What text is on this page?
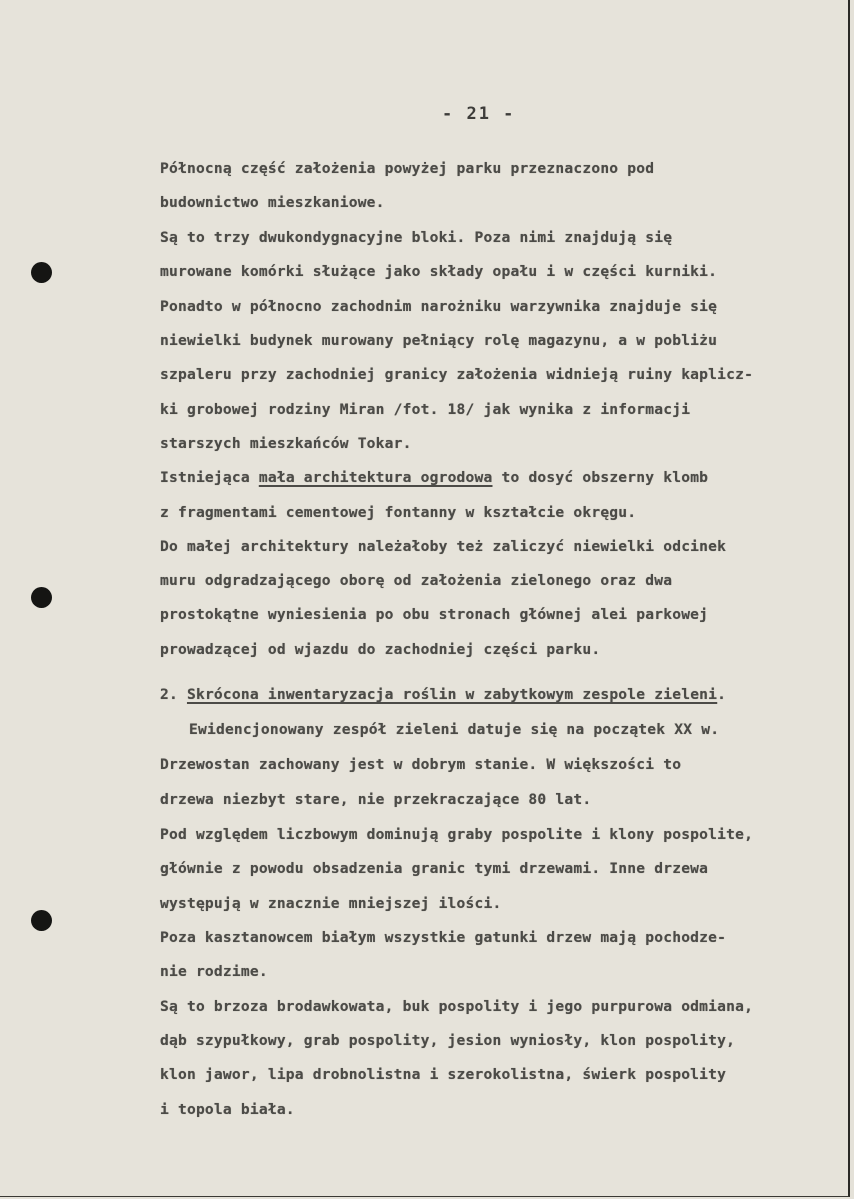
- 21 -
Północną część założenia powyżej parku przeznaczono pod
budownictwo mieszkaniowe.
Są to trzy dwukondygnacyjne bloki. Poza nimi znajdują się
murowane komórki służące jako składy opału i w części kurniki.
Ponadto w północno zachodnim narożniku warzywnika znajduje się
niewielki budynek murowany pełniący rolę magazynu, a w pobliżu
szpaleru przy zachodniej granicy założenia widnieją ruiny kaplicz-
ki grobowej rodziny Miran /fot. 18/ jak wynika z informacji
starszych mieszkańców Tokar.
Istniejąca mała architektura ogrodowa to dosyć obszerny klomb
z fragmentami cementowej fontanny w kształcie okręgu.
Do małej architektury należałoby też zaliczyć niewielki odcinek
muru odgradzającego oborę od założenia zielonego oraz dwa
prostokątne wyniesienia po obu stronach głównej alei parkowej
prowadzącej od wjazdu do zachodniej części parku.
2. Skrócona inwentaryzacja roślin w zabytkowym zespole zieleni.
Ewidencjonowany zespół zieleni datuje się na początek XX w.
Drzewostan zachowany jest w dobrym stanie. W większości to
drzewa niezbyt stare, nie przekraczające 80 lat.
Pod względem liczbowym dominują graby pospolite i klony pospolite,
głównie z powodu obsadzenia granic tymi drzewami. Inne drzewa
występują w znacznie mniejszej ilości.
Poza kasztanowcem białym wszystkie gatunki drzew mają pochodze-
nie rodzime.
Są to brzoza brodawkowata, buk pospolity i jego purpurowa odmiana,
dąb szypułkowy, grab pospolity, jesion wyniosły, klon pospolity,
klon jawor, lipa drobnolistna i szerokolistna, świerk pospolity
i topola biała.
